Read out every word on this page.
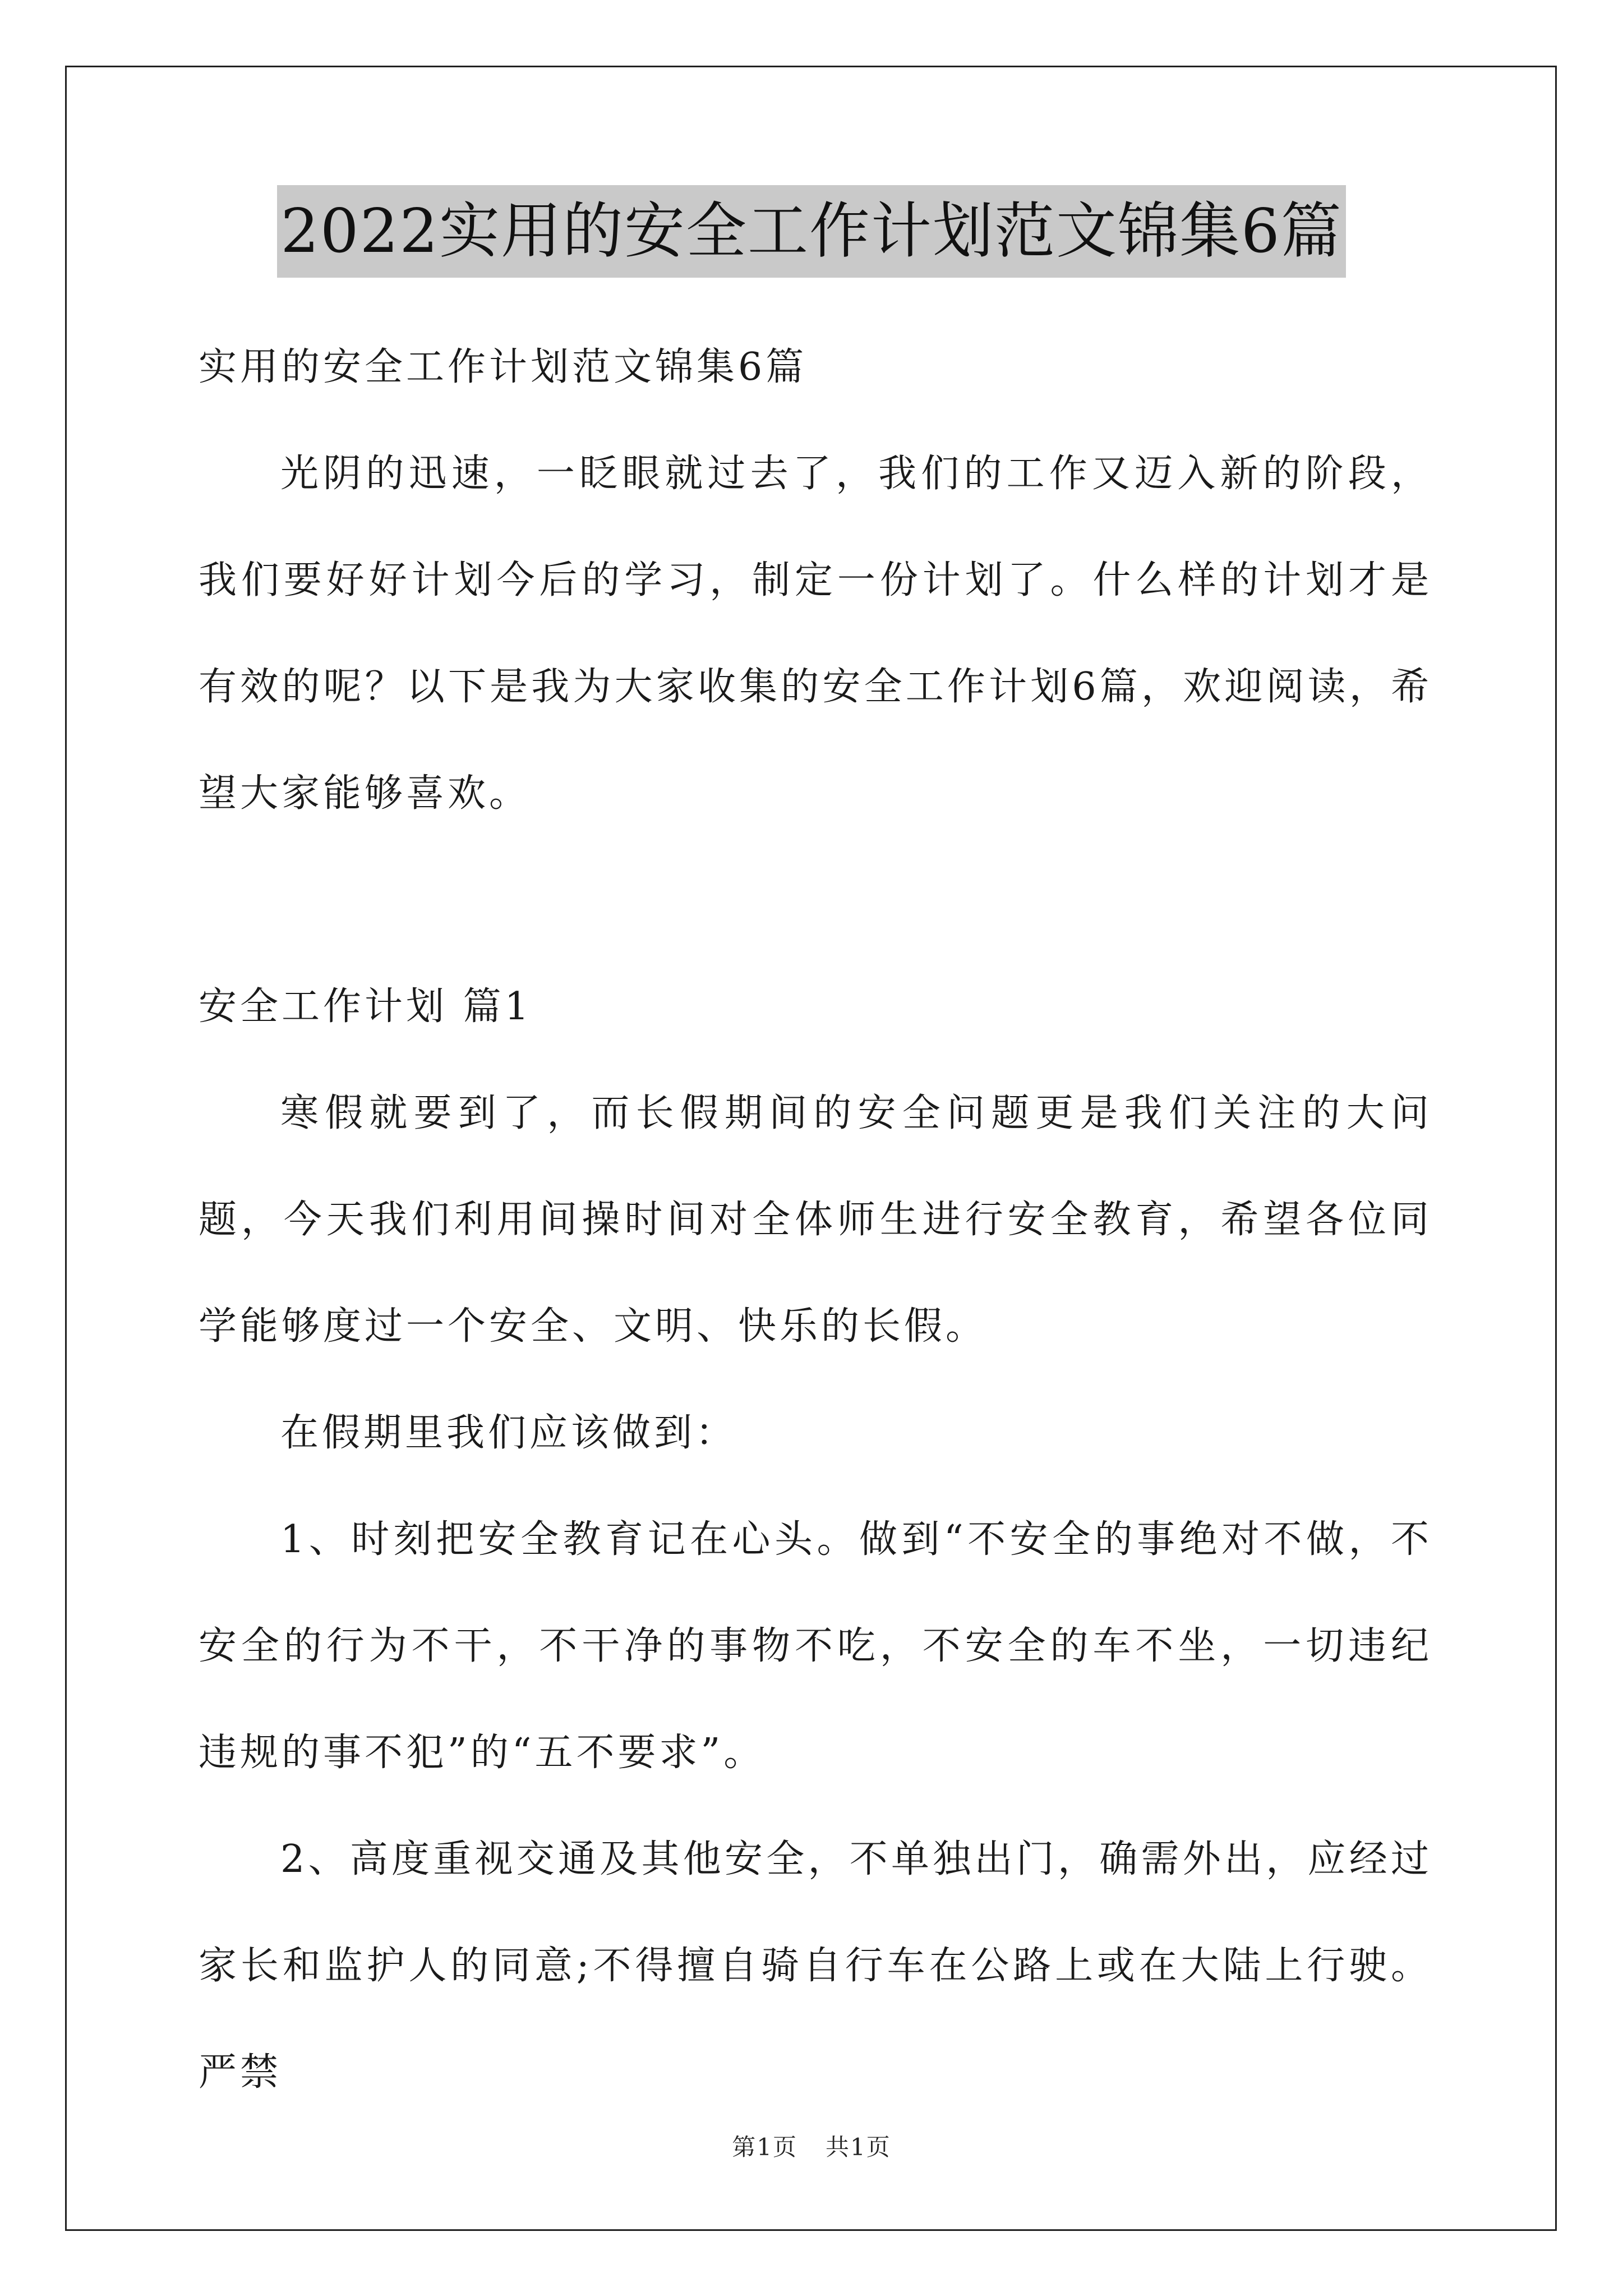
2022实用的安全工作计划范文锦集6篇
实用的安全工作计划范文锦集6篇

光阴的迅速，一眨眼就过去了，我们的工作又迈入新的阶段，我们要好好计划今后的学习，制定一份计划了。什么样的计划才是有效的呢？以下是我为大家收集的安全工作计划6篇，欢迎阅读，希望大家能够喜欢。

安全工作计划 篇1

寒假就要到了，而长假期间的安全问题更是我们关注的大问题，今天我们利用间操时间对全体师生进行安全教育，希望各位同学能够度过一个安全、文明、快乐的长假。

在假期里我们应该做到：

1、时刻把安全教育记在心头。做到“不安全的事绝对不做，不安全的行为不干，不干净的事物不吃，不安全的车不坐，一切违纪违规的事不犯”的“五不要求”。

2、高度重视交通及其他安全，不单独出门，确需外出，应经过家长和监护人的同意;不得擅自骑自行车在公路上或在大陆上行驶。严禁

第1页 共1页
